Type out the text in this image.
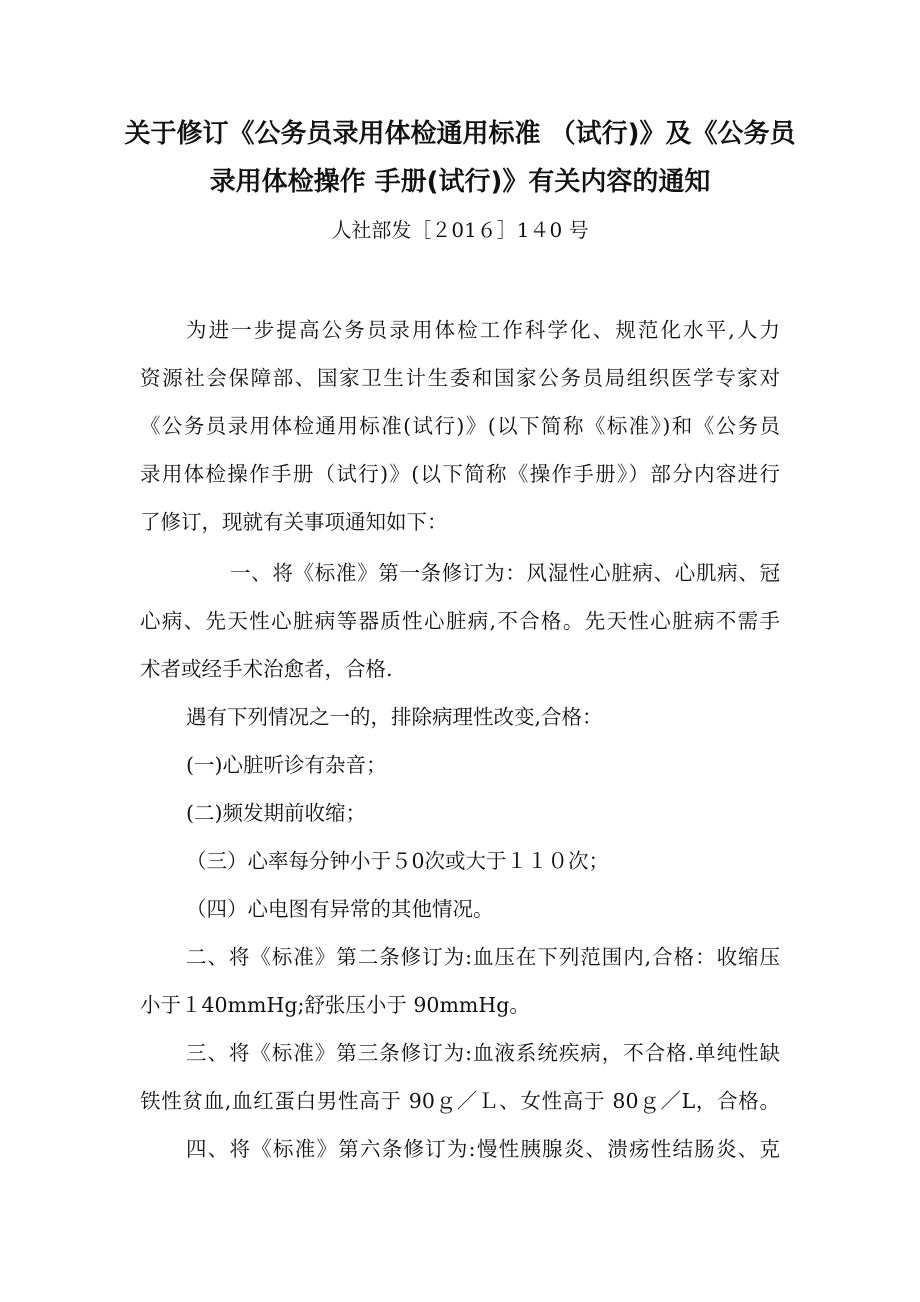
关于修订《公务员录用体检通用标准 （试行)》及《公务员
录用体检操作 手册(试行)》有关内容的通知
人社部发［２01６］1４0 号
为进一步提高公务员录用体检工作科学化、规范化水平,人力
资源社会保障部、国家卫生计生委和国家公务员局组织医学专家对
《公务员录用体检通用标准(试行)》(以下简称《标准》)和《公务员
录用体检操作手册（试行)》(以下简称《操作手册》）部分内容进行
了修订，现就有关事项通知如下：
一、将《标准》第一条修订为：风湿性心脏病、心肌病、冠
心病、先天性心脏病等器质性心脏病,不合格。先天性心脏病不需手
术者或经手术治愈者，合格.
遇有下列情况之一的，排除病理性改变,合格：
(一)心脏听诊有杂音；
(二)频发期前收缩；
（三）心率每分钟小于５0次或大于１１０次；
（四）心电图有异常的其他情况。
二、将《标准》第二条修订为:血压在下列范围内,合格：收缩压
小于１40mmHg;舒张压小于 90mmHg。
三、将《标准》第三条修订为:血液系统疾病，不合格.单纯性缺
铁性贫血,血红蛋白男性高于 90ｇ／Ｌ、女性高于 80ｇ／L，合格。
四、将《标准》第六条修订为:慢性胰腺炎、溃疡性结肠炎、克
